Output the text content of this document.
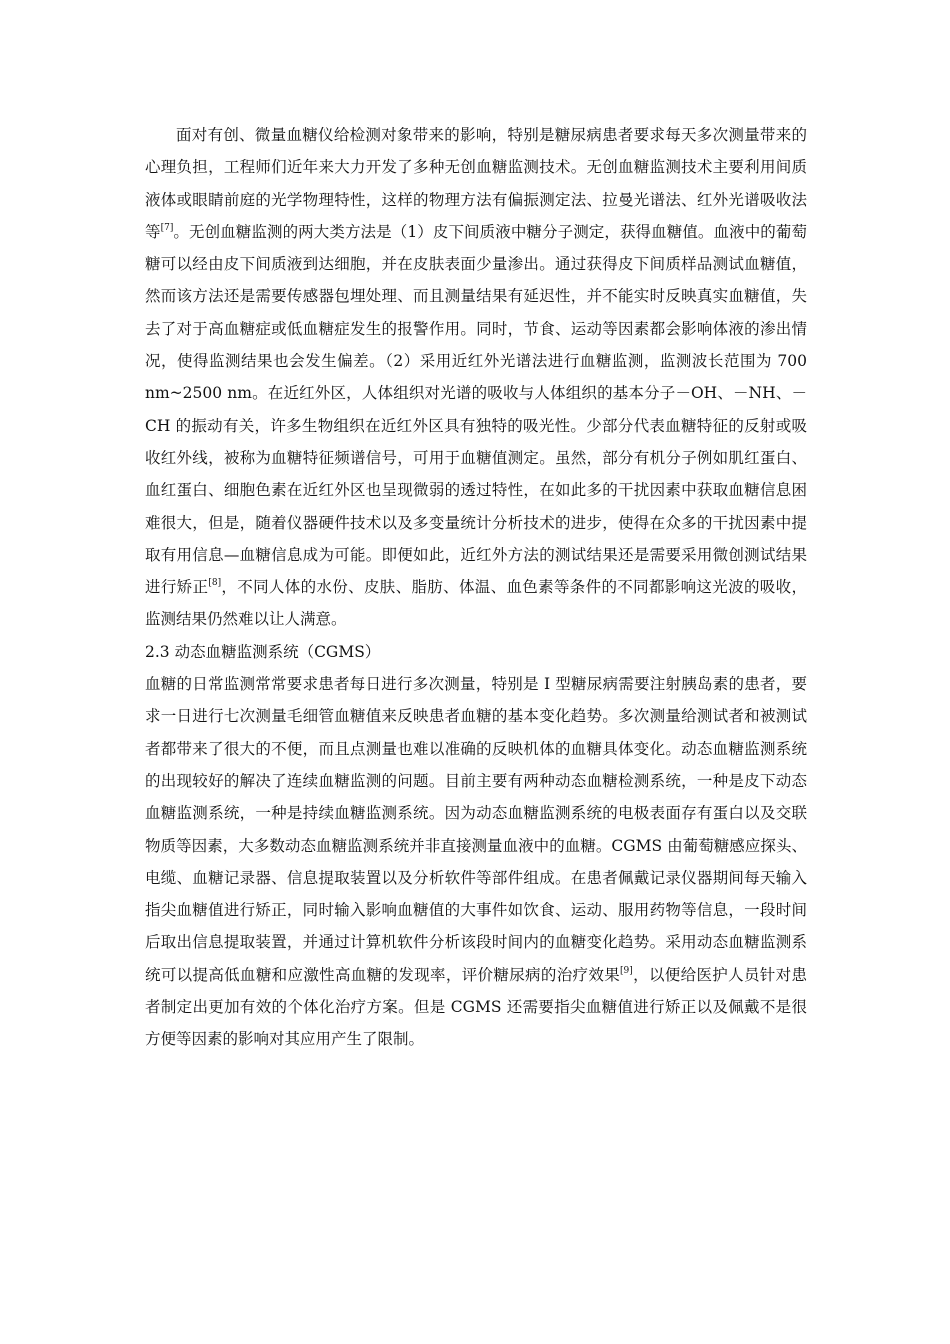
面对有创、微量血糖仪给检测对象带来的影响，特别是糖尿病患者要求每天多次测量带来的心理负担，工程师们近年来大力开发了多种无创血糖监测技术。无创血糖监测技术主要利用间质液体或眼睛前庭的光学物理特性，这样的物理方法有偏振测定法、拉曼光谱法、红外光谱吸收法等[7]。无创血糖监测的两大类方法是（1）皮下间质液中糖分子测定，获得血糖值。血液中的葡萄糖可以经由皮下间质液到达细胞，并在皮肤表面少量渗出。通过获得皮下间质样品测试血糖值，然而该方法还是需要传感器包埋处理、而且测量结果有延迟性，并不能实时反映真实血糖值，失去了对于高血糖症或低血糖症发生的报警作用。同时，节食、运动等因素都会影响体液的渗出情况，使得监测结果也会发生偏差。（2）采用近红外光谱法进行血糖监测，监测波长范围为 700 nm~2500 nm。在近红外区，人体组织对光谱的吸收与人体组织的基本分子－OH、－NH、－CH 的振动有关，许多生物组织在近红外区具有独特的吸光性。少部分代表血糖特征的反射或吸收红外线，被称为血糖特征频谱信号，可用于血糖值测定。虽然，部分有机分子例如肌红蛋白、血红蛋白、细胞色素在近红外区也呈现微弱的透过特性，在如此多的干扰因素中获取血糖信息困难很大，但是，随着仪器硬件技术以及多变量统计分析技术的进步，使得在众多的干扰因素中提取有用信息—血糖信息成为可能。即便如此，近红外方法的测试结果还是需要采用微创测试结果进行矫正[8]，不同人体的水份、皮肤、脂肪、体温、血色素等条件的不同都影响这光波的吸收，监测结果仍然难以让人满意。

2.3 动态血糖监测系统（CGMS）

血糖的日常监测常常要求患者每日进行多次测量，特别是 I 型糖尿病需要注射胰岛素的患者，要求一日进行七次测量毛细管血糖值来反映患者血糖的基本变化趋势。多次测量给测试者和被测试者都带来了很大的不便，而且点测量也难以准确的反映机体的血糖具体变化。动态血糖监测系统的出现较好的解决了连续血糖监测的问题。目前主要有两种动态血糖检测系统，一种是皮下动态血糖监测系统，一种是持续血糖监测系统。因为动态血糖监测系统的电极表面存有蛋白以及交联物质等因素，大多数动态血糖监测系统并非直接测量血液中的血糖。CGMS 由葡萄糖感应探头、电缆、血糖记录器、信息提取装置以及分析软件等部件组成。在患者佩戴记录仪器期间每天输入指尖血糖值进行矫正，同时输入影响血糖值的大事件如饮食、运动、服用药物等信息，一段时间后取出信息提取装置，并通过计算机软件分析该段时间内的血糖变化趋势。采用动态血糖监测系统可以提高低血糖和应激性高血糖的发现率，评价糖尿病的治疗效果[9]，以便给医护人员针对患者制定出更加有效的个体化治疗方案。但是 CGMS 还需要指尖血糖值进行矫正以及佩戴不是很方便等因素的影响对其应用产生了限制。
